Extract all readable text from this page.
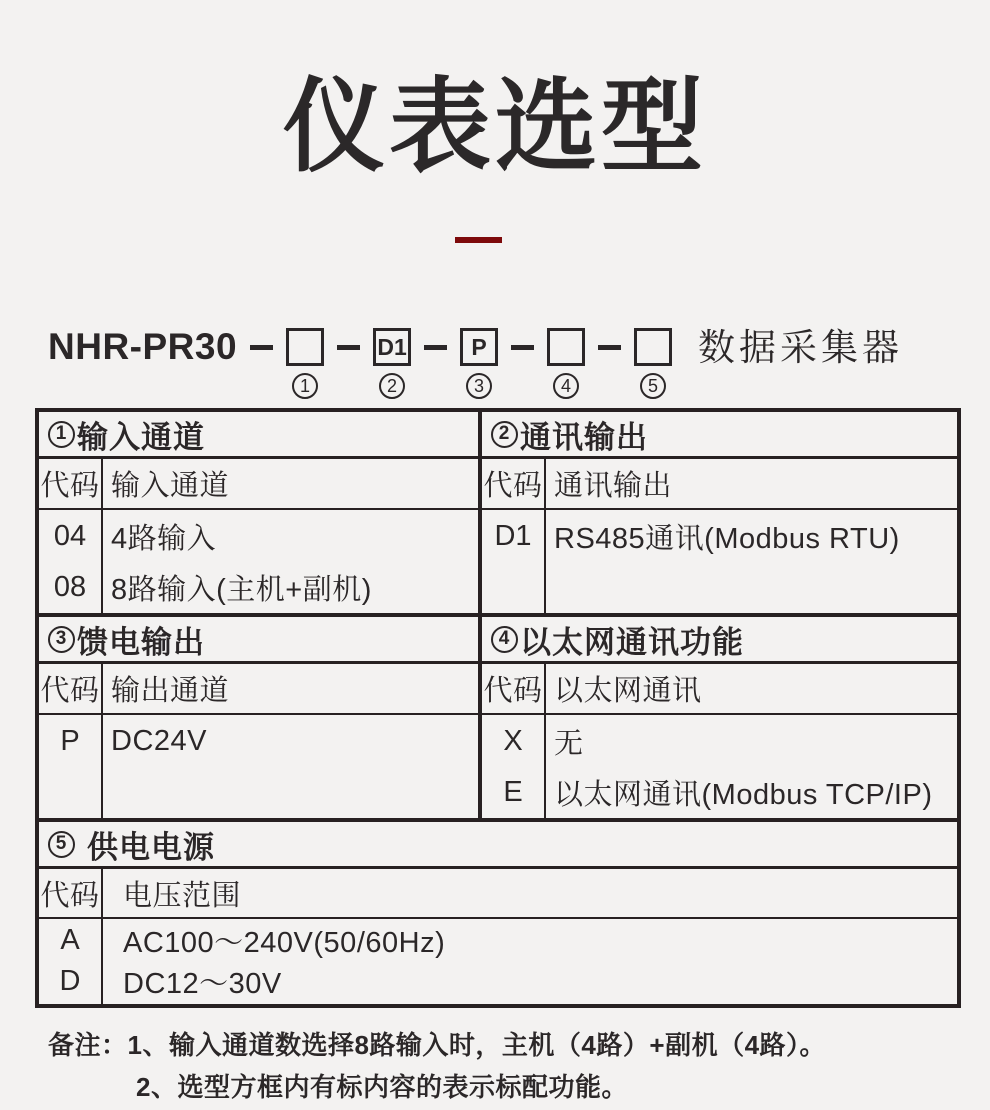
仪表选型
NHR-PR30
1
D1
2
P
3	4	5
数据采集器
1 输入通道
代码 输入通道
04 4路输入
08 8路输入(主机+副机)
2 通讯输出
代码 通讯输出
D1 RS485通讯(Modbus RTU)
3 馈电输出
代码 输出通道
P	DC24V
4 以太网通讯功能
代码 以太网通讯
X	无
E	以太网通讯(Modbus TCP/IP)
5 供电电源
代码 电压范围
A	AC100～240V(50/60Hz)
D	DC12～30V
备注：1、输入通道数选择8路输入时，主机（4路）+副机（4路）。
2、选型方框内有标内容的表示标配功能。
